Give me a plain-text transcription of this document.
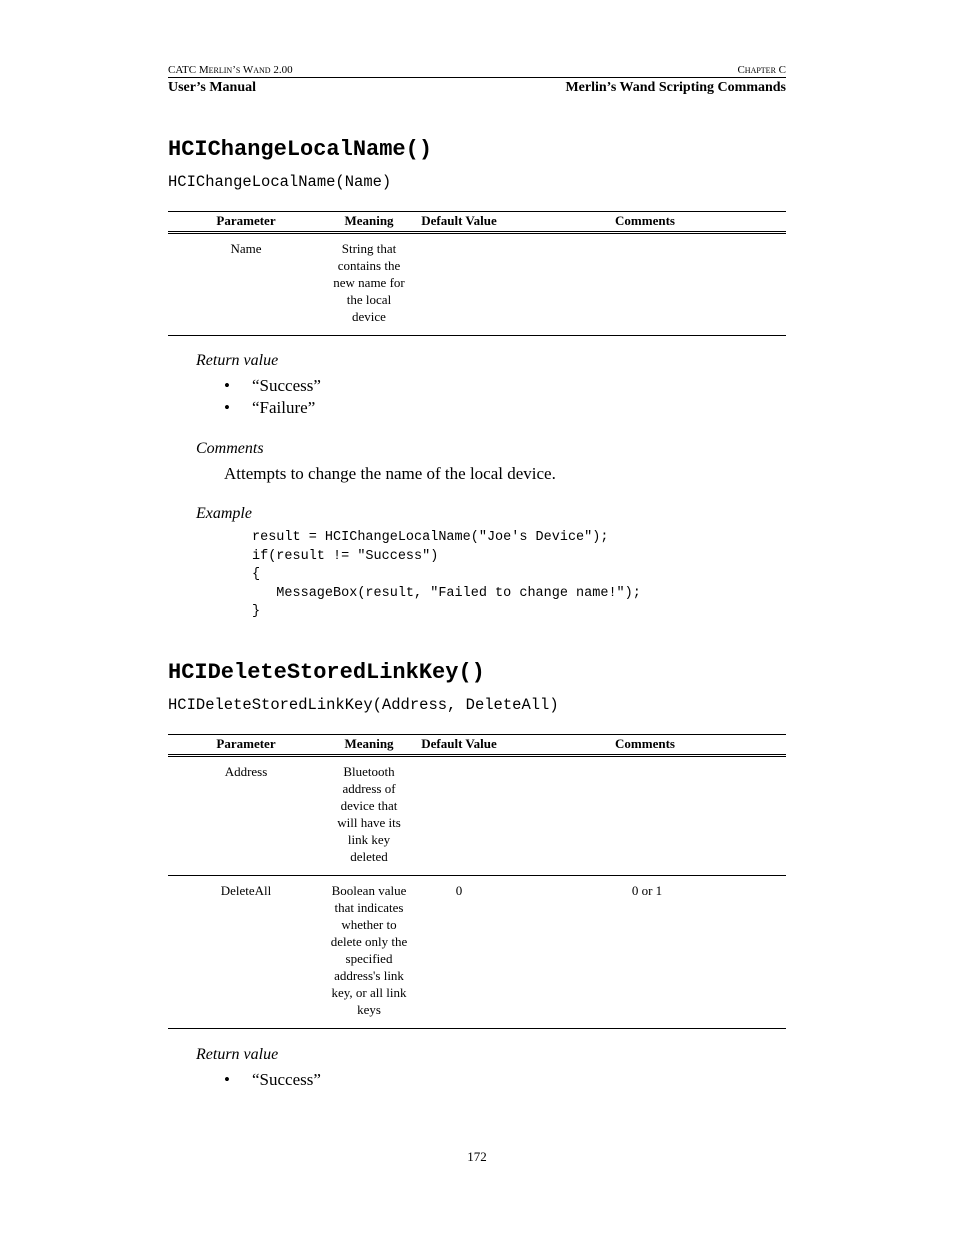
CATC Merlin’s Wand 2.00	Chapter C
User’s Manual	Merlin’s Wand Scripting Commands
HCIChangeLocalName()
HCIChangeLocalName(Name)
Parameter	Meaning	Default Value	Comments
Name	String that contains the new name for the local device		
Return value
• “Success”
• “Failure”
Comments
Attempts to change the name of the local device.
Example
result = HCIChangeLocalName("Joe's Device");
if(result != "Success")
{
MessageBox(result, "Failed to change name!");
}
HCIDeleteStoredLinkKey()
HCIDeleteStoredLinkKey(Address, DeleteAll)
Parameter	Meaning	Default Value	Comments
Address	Bluetooth address of device that will have its link key deleted		
DeleteAll	Boolean value that indicates whether to delete only the specified address's link key, or all link keys	0	0 or 1
Return value
• “Success”
172
